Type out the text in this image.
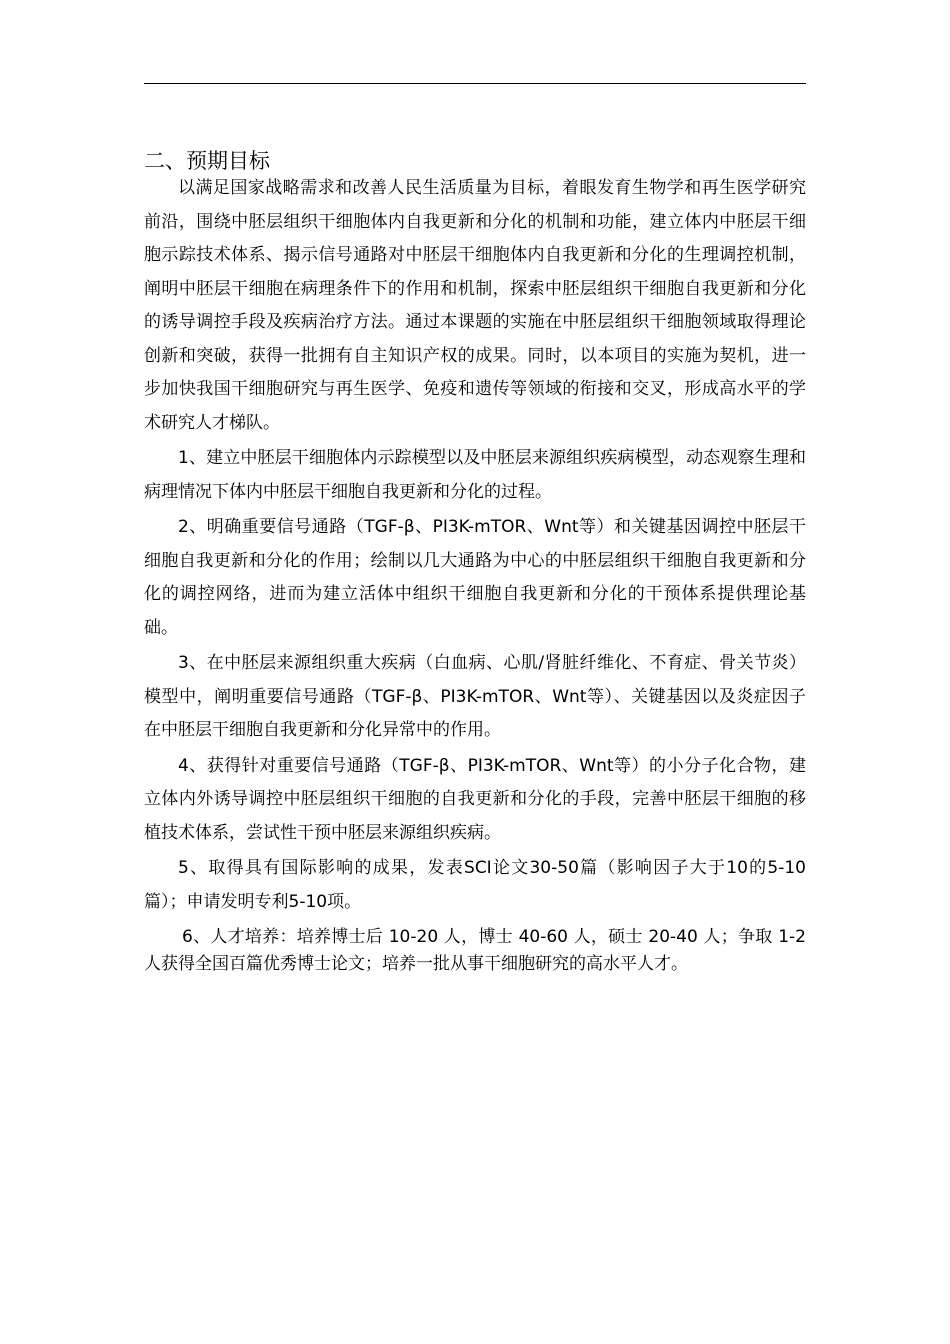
二、预期目标

以满足国家战略需求和改善人民生活质量为目标，着眼发育生物学和再生医学研究前沿，围绕中胚层组织干细胞体内自我更新和分化的机制和功能，建立体内中胚层干细胞示踪技术体系、揭示信号通路对中胚层干细胞体内自我更新和分化的生理调控机制，阐明中胚层干细胞在病理条件下的作用和机制，探索中胚层组织干细胞自我更新和分化的诱导调控手段及疾病治疗方法。通过本课题的实施在中胚层组织干细胞领域取得理论创新和突破，获得一批拥有自主知识产权的成果。同时，以本项目的实施为契机，进一步加快我国干细胞研究与再生医学、免疫和遗传等领域的衔接和交叉，形成高水平的学术研究人才梯队。

1、建立中胚层干细胞体内示踪模型以及中胚层来源组织疾病模型，动态观察生理和病理情况下体内中胚层干细胞自我更新和分化的过程。

2、明确重要信号通路（TGF-β、PI3K-mTOR、Wnt等）和关键基因调控中胚层干细胞自我更新和分化的作用；绘制以几大通路为中心的中胚层组织干细胞自我更新和分化的调控网络，进而为建立活体中组织干细胞自我更新和分化的干预体系提供理论基础。

3、在中胚层来源组织重大疾病（白血病、心肌/肾脏纤维化、不育症、骨关节炎）模型中，阐明重要信号通路（TGF-β、PI3K-mTOR、Wnt等）、关键基因以及炎症因子在中胚层干细胞自我更新和分化异常中的作用。

4、获得针对重要信号通路（TGF-β、PI3K-mTOR、Wnt等）的小分子化合物，建立体内外诱导调控中胚层组织干细胞的自我更新和分化的手段，完善中胚层干细胞的移植技术体系，尝试性干预中胚层来源组织疾病。

5、取得具有国际影响的成果，发表SCI论文30-50篇（影响因子大于10的5-10篇）；申请发明专利5-10项。

6、人才培养：培养博士后 10-20 人，博士 40-60 人，硕士 20-40 人；争取 1-2 人获得全国百篇优秀博士论文；培养一批从事干细胞研究的高水平人才。
